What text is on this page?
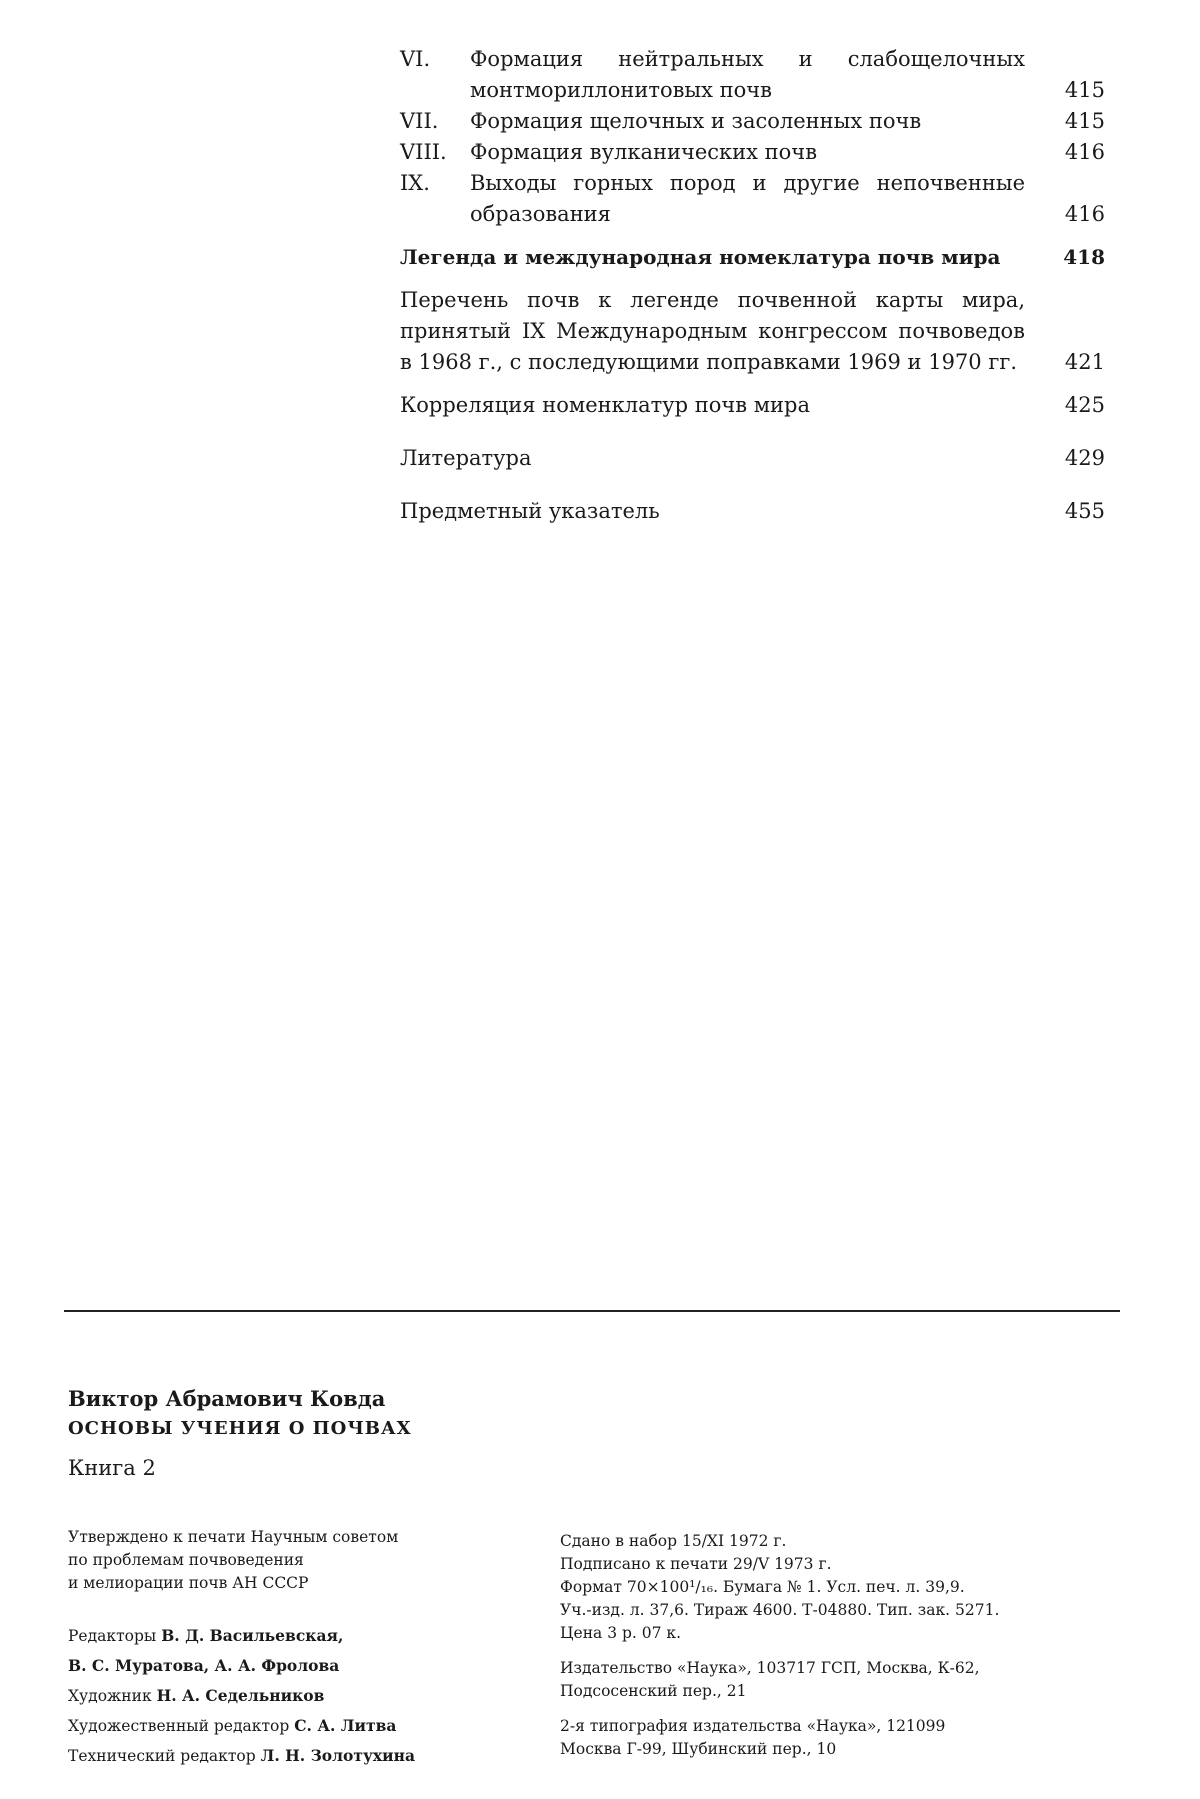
VI.	Формация нейтральных и слабощелочных монтмориллонитовых почв	415
VII.	Формация щелочных и засоленных почв	415
VIII.	Формация вулканических почв	416
IX.	Выходы горных пород и другие непочвенные образования	416
Легенда и международная номеклатура почв мира	418
Перечень почв к легенде почвенной карты мира, принятый IX Международным конгрессом почвоведов в 1968 г., с последующими поправками 1969 и 1970 гг.	421
Корреляция номенклатур почв мира	425
Литература	429
Предметный указатель	455
Виктор Абрамович Ковда
ОСНОВЫ УЧЕНИЯ О ПОЧВАХ
Книга 2
Утверждено к печати Научным советом
по проблемам почвоведения
и мелиорации почв АН СССР
Редакторы В. Д. Васильевская,
В. С. Муратова, А. А. Фролова
Художник Н. А. Седельников
Художественный редактор С. А. Литва
Технический редактор Л. Н. Золотухина
Сдано в набор 15/XI 1972 г.
Подписано к печати 29/V 1973 г.
Формат 70×100¹/₁₆. Бумага № 1. Усл. печ. л. 39,9.
Уч.-изд. л. 37,6. Тираж 4600. Т-04880. Тип. зак. 5271.
Цена 3 р. 07 к.
Издательство «Наука», 103717 ГСП, Москва, К-62,
Подсосенский пер., 21
2-я типография издательства «Наука», 121099
Москва Г-99, Шубинский пер., 10
